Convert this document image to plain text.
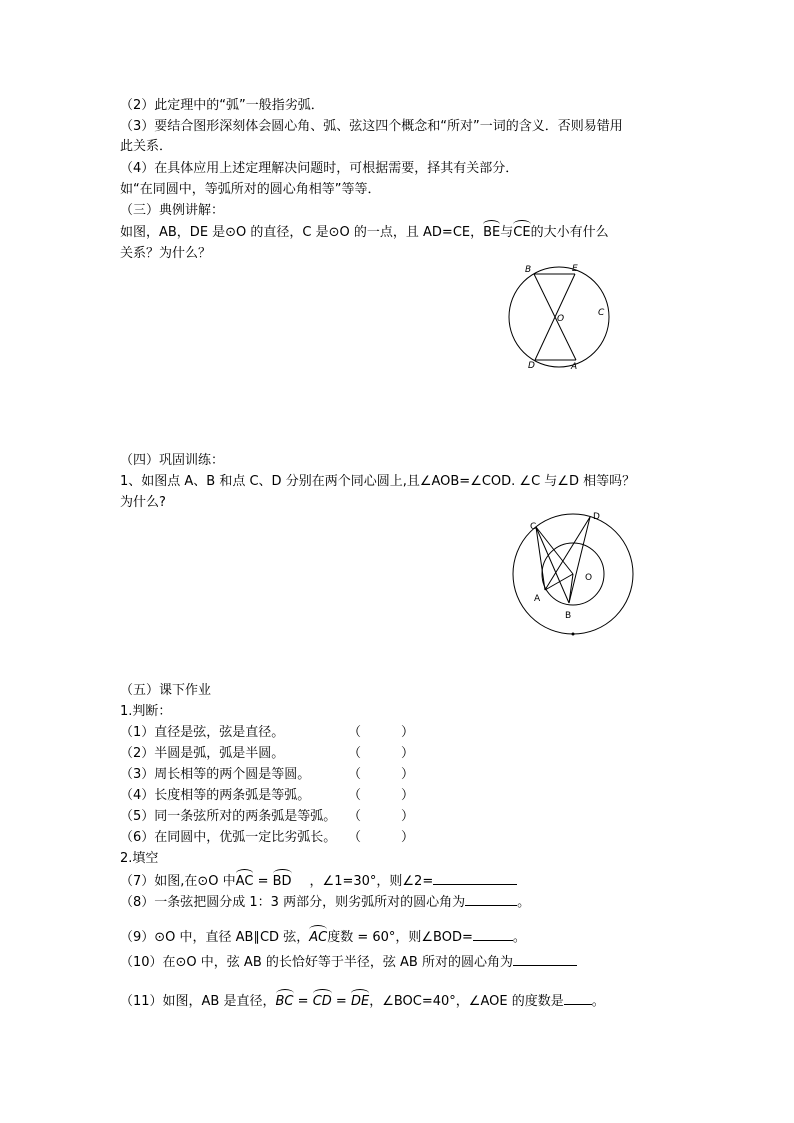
（2）此定理中的“弧”一般指劣弧．
（3）要结合图形深刻体会圆心角、弧、弦这四个概念和“所对”一词的含义．否则易错用
此关系．
（4）在具体应用上述定理解决问题时，可根据需要，择其有关部分．
如“在同圆中，等弧所对的圆心角相等”等等．
（三）典例讲解：
如图，AB，DE 是⊙O 的直径，C 是⊙O 的一点，且 AD=CE，BE与CE的大小有什么
关系？为什么？
B	E
C
O
D	A
（四）巩固训练：
1、如图点 A、B 和点 C、D 分别在两个同心圆上,且∠AOB=∠COD. ∠C 与∠D 相等吗？
为什么?
C
D
O
A
B
（五）课下作业
1.判断：
（1）直径是弦，弦是直径。	（	）
（2）半圆是弧，弧是半圆。	（	）
（3）周长相等的两个圆是等圆。	（	）
（4）长度相等的两条弧是等弧。	（	）
（5）同一条弦所对的两条弧是等弧。 （	）
（6）在同圆中，优弧一定比劣弧长。 （	）
2.填空
（7）如图,在⊙O 中AC = BD ，∠1=30°，则∠2=
（8）一条弦把圆分成 1：3 两部分，则劣弧所对的圆心角为	。
（9）⊙O 中，直径 AB∥CD 弦，AC度数 = 60°，则∠BOD=	。
（10）在⊙O 中，弦 AB 的长恰好等于半径，弦 AB 所对的圆心角为
（11）如图，AB 是直径，BC = CD = DE，∠BOC=40°，∠AOE 的度数是 。
